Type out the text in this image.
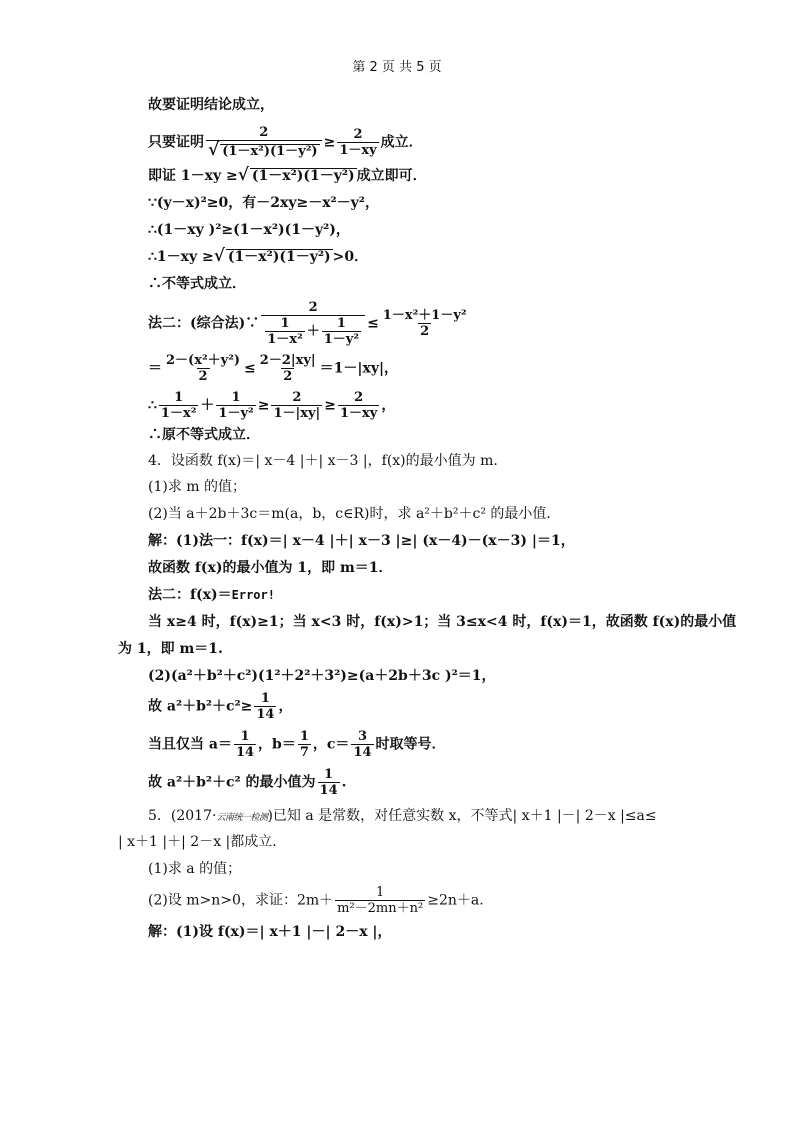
第 2 页 共 5 页

故要证明结论成立，

只要证明 $\frac{2}{\text{√ (1－x²)(1－y²)}} \ge \frac{2}{1-xy}$ 成立．

即证 1－xy ≥√ (1－x²)(1－y²) 成立即可．

∵(y－x)²≥0，有－2xy≥－x²－y²，

∴(1－xy )²≥(1－x²)(1－y²)，

∴1－xy ≥√ (1－x²)(1－y²) >0．

∴不等式成立．

法二：(综合法)∵ $\frac{2}{\frac{1}{\text{1－x²}} + \frac{1}{\text{1－y²}}} \le \frac{\text{1－x²＋1－y²}}{2}$

＝ $\frac{\text{2－(x²＋y²)}}{2} \le \frac{2-2|xy|}{2} =1-|xy|$，

∴ $\frac{1}{\text{1－x²}} + \frac{1}{\text{1－y²}} \ge \frac{2}{1-|xy|} \ge \frac{2}{1-xy}$ ，

∴原不等式成立．

4．设函数 f(x)＝| x－4 |＋| x－3 |，f(x)的最小值为 m.

(1)求 m 的值；

(2)当 a＋2b＋3c＝m(a，b，c∈R)时，求 a²＋b²＋c² 的最小值．

解：(1)法一：f(x)＝| x－4 |＋| x－3 |≥| (x－4)－(x－3) |＝1，

故函数 f(x)的最小值为 1，即 m＝1．

法二：f(x)＝Error!

当 x≥4 时，f(x)≥1；当 x<3 时，f(x)>1；当 3≤x<4 时，f(x)＝1，故函数 f(x)的最小值

为 1，即 m＝1.

(2)(a²＋b²＋c²)(1²＋2²＋3²)≥(a＋2b＋3c )²＝1，

故 $a^2+b^2+c^2\ge \frac{1}{14}$ ，

当且仅当 $a= \frac{1}{14}$ ，$b= \frac{1}{7}$ ，$c= \frac{3}{14}$ 时取等号．

故 a²＋b²＋c² 的最小值为 $\frac{1}{14}$ .

5．(2017·云南统一检测)已知 a 是常数，对任意实数 x，不等式| x＋1 |－| 2－x |≤a≤

| x＋1 |＋| 2－x |都成立．

(1)求 a 的值；

(2)设 m>n>0，求证：$2m+ \frac{1}{\text{m²－2mn＋n²}} \ge 2n+a$.

解：(1)设 f(x)＝| x＋1 |－| 2－x |，
